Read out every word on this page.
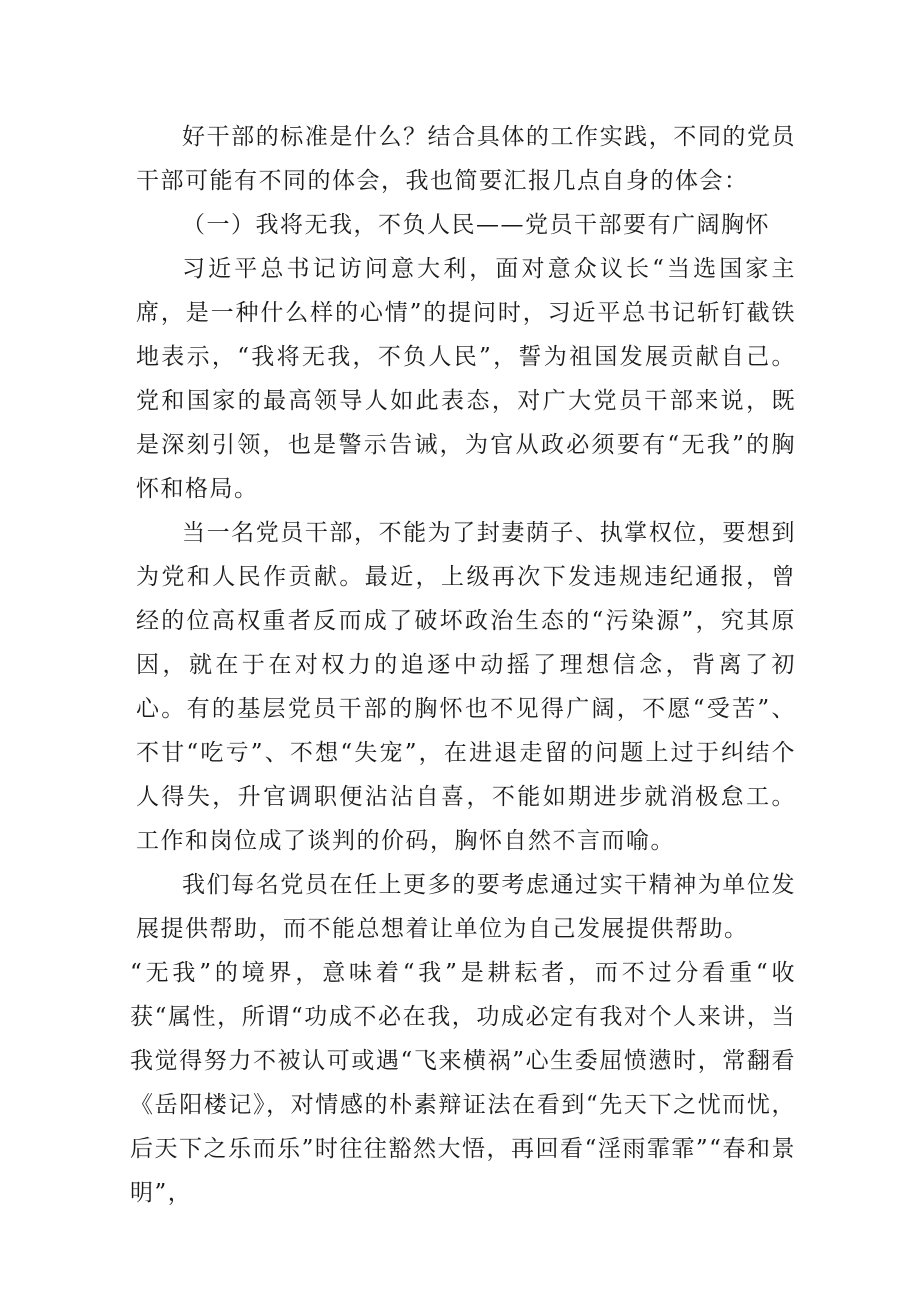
好干部的标准是什么？结合具体的工作实践，不同的党员干部可能有不同的体会，我也简要汇报几点自身的体会：

（一）我将无我，不负人民——党员干部要有广阔胸怀

习近平总书记访问意大利，面对意众议长“当选国家主席，是一种什么样的心情”的提问时，习近平总书记斩钉截铁地表示，“我将无我，不负人民”，誓为祖国发展贡献自己。党和国家的最高领导人如此表态，对广大党员干部来说，既是深刻引领，也是警示告诫，为官从政必须要有“无我”的胸怀和格局。

当一名党员干部，不能为了封妻荫子、执掌权位，要想到为党和人民作贡献。最近，上级再次下发违规违纪通报，曾经的位高权重者反而成了破坏政治生态的“污染源”，究其原因，就在于在对权力的追逐中动摇了理想信念，背离了初心。有的基层党员干部的胸怀也不见得广阔，不愿“受苦”、不甘“吃亏”、不想“失宠”，在进退走留的问题上过于纠结个人得失，升官调职便沾沾自喜，不能如期进步就消极怠工。工作和岗位成了谈判的价码，胸怀自然不言而喻。

我们每名党员在任上更多的要考虑通过实干精神为单位发展提供帮助，而不能总想着让单位为自己发展提供帮助。

“无我”的境界，意味着“我”是耕耘者，而不过分看重“收获“属性，所谓“功成不必在我，功成必定有我对个人来讲，当我觉得努力不被认可或遇“飞来横祸”心生委屈愤懑时，常翻看《岳阳楼记》，对情感的朴素辩证法在看到“先天下之忧而忧，后天下之乐而乐”时往往豁然大悟，再回看“淫雨霏霏”“春和景明”，
